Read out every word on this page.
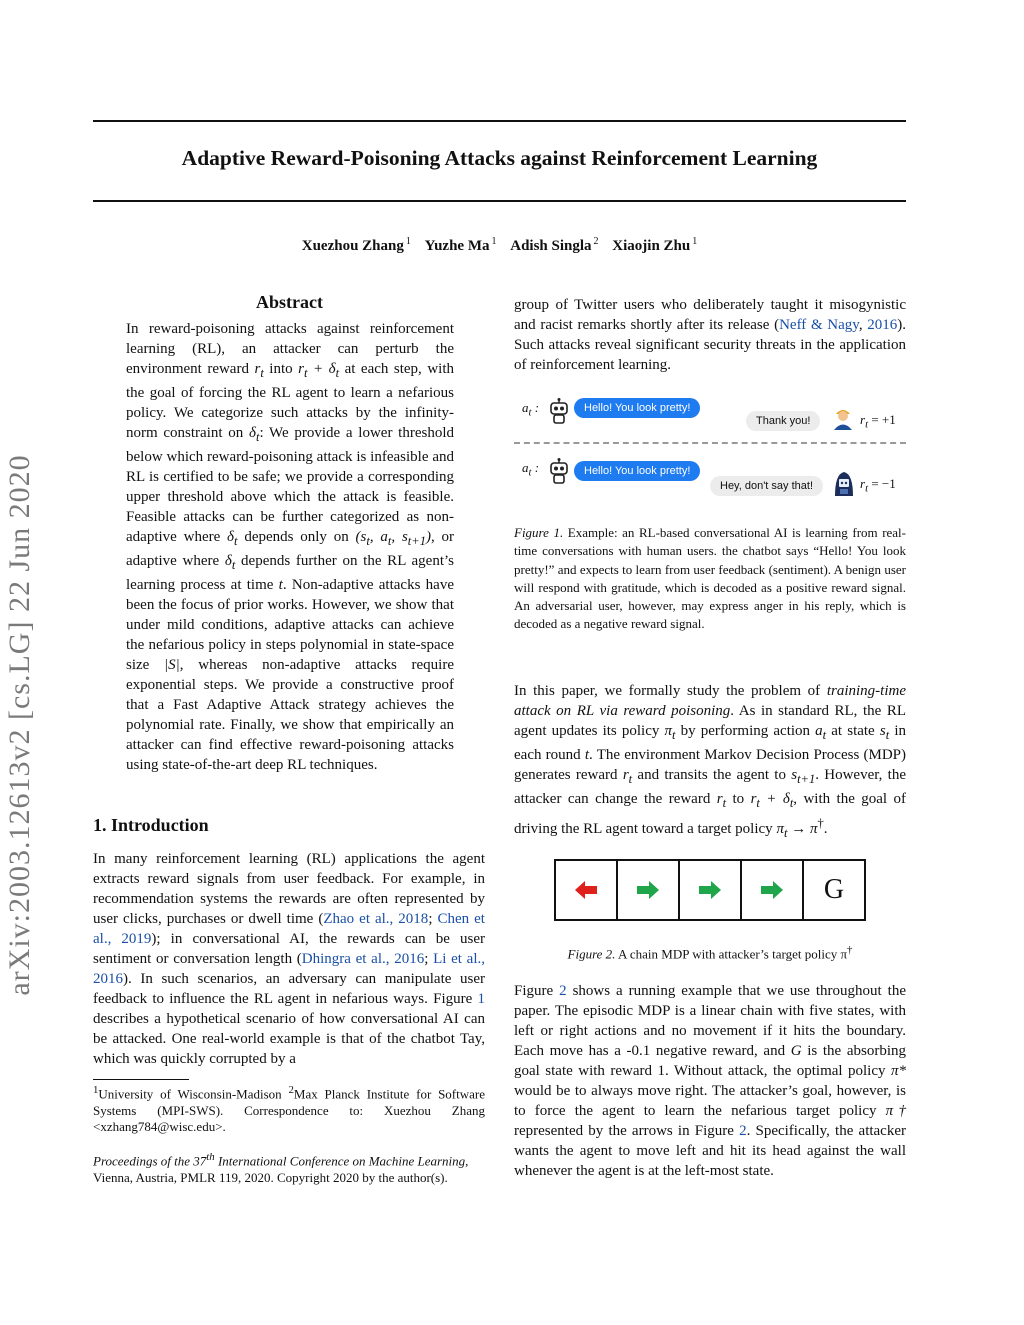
Adaptive Reward-Poisoning Attacks against Reinforcement Learning
Xuezhou Zhang $^1$ Yuzhe Ma $^1$ Adish Singla $^2$ Xiaojin Zhu $^1$
arXiv:2003.12613v2 [cs.LG] 22 Jun 2020
Abstract
In reward-poisoning attacks against reinforcement learning (RL), an attacker can perturb the environment reward $r_t$ into $r_t + \delta_t$ at each step, with the goal of forcing the RL agent to learn a nefarious policy. We categorize such attacks by the infinity-norm constraint on $\delta_t$: We provide a lower threshold below which reward-poisoning attack is infeasible and RL is certified to be safe; we provide a corresponding upper threshold above which the attack is feasible. Feasible attacks can be further categorized as non-adaptive where $\delta_t$ depends only on ($s_t$, $a_t$, $s_{t+1}$), or adaptive where $\delta_t$ depends further on the RL agent’s learning process at time t. Non-adaptive attacks have been the focus of prior works. However, we show that under mild conditions, adaptive attacks can achieve the nefarious policy in steps polynomial in state-space size |S|, whereas non-adaptive attacks require exponential steps. We provide a constructive proof that a Fast Adaptive Attack strategy achieves the polynomial rate. Finally, we show that empirically an attacker can find effective reward-poisoning attacks using state-of-the-art deep RL techniques.
1. Introduction
In many reinforcement learning (RL) applications the agent extracts reward signals from user feedback. For example, in recommendation systems the rewards are often represented by user clicks, purchases or dwell time (Zhao et al., 2018; Chen et al., 2019); in conversational AI, the rewards can be user sentiment or conversation length (Dhingra et al., 2016; Li et al., 2016). In such scenarios, an adversary can manipulate user feedback to influence the RL agent in nefarious ways. Figure 1 describes a hypothetical scenario of how conversational AI can be attacked. One real-world example is that of the chatbot Tay, which was quickly corrupted by a
$^1$University of Wisconsin-Madison $^2$Max Planck Institute for Software Systems (MPI-SWS). Correspondence to: Xuezhou Zhang <xzhang784@wisc.edu>.
Proceedings of the 37th International Conference on Machine Learning, Vienna, Austria, PMLR 119, 2020. Copyright 2020 by the author(s).
group of Twitter users who deliberately taught it misogynistic and racist remarks shortly after its release (Neff & Nagy, 2016). Such attacks reveal significant security threats in the application of reinforcement learning.
$a_t$ :	Hello! You look pretty!
Thank you!	$r_t = +1$
$a_t$ :	Hello! You look pretty!
Hey, don't say that!	$r_t = -1$
Figure 1. Example: an RL-based conversational AI is learning from real-time conversations with human users. the chatbot says “Hello! You look pretty!” and expects to learn from user feedback (sentiment). A benign user will respond with gratitude, which is decoded as a positive reward signal. An adversarial user, however, may express anger in his reply, which is decoded as a negative reward signal.
In this paper, we formally study the problem of training-time attack on RL via reward poisoning. As in standard RL, the RL agent updates its policy $\pi_t$ by performing action $a_t$ at state $s_t$ in each round t. The environment Markov Decision Process (MDP) generates reward $r_t$ and transits the agent to $s_{t+1}$. However, the attacker can change the reward $r_t$ to $r_t + \delta_t$, with the goal of driving the RL agent toward a target policy $\pi_t \to \pi^\dagger$.
G
Figure 2. A chain MDP with attacker’s target policy π†
Figure 2 shows a running example that we use throughout the paper. The episodic MDP is a linear chain with five states, with left or right actions and no movement if it hits the boundary. Each move has a -0.1 negative reward, and G is the absorbing goal state with reward 1. Without attack, the optimal policy π* would be to always move right. The attacker’s goal, however, is to force the agent to learn the nefarious target policy π† represented by the arrows in Figure 2. Specifically, the attacker wants the agent to move left and hit its head against the wall whenever the agent is at the left-most state.
